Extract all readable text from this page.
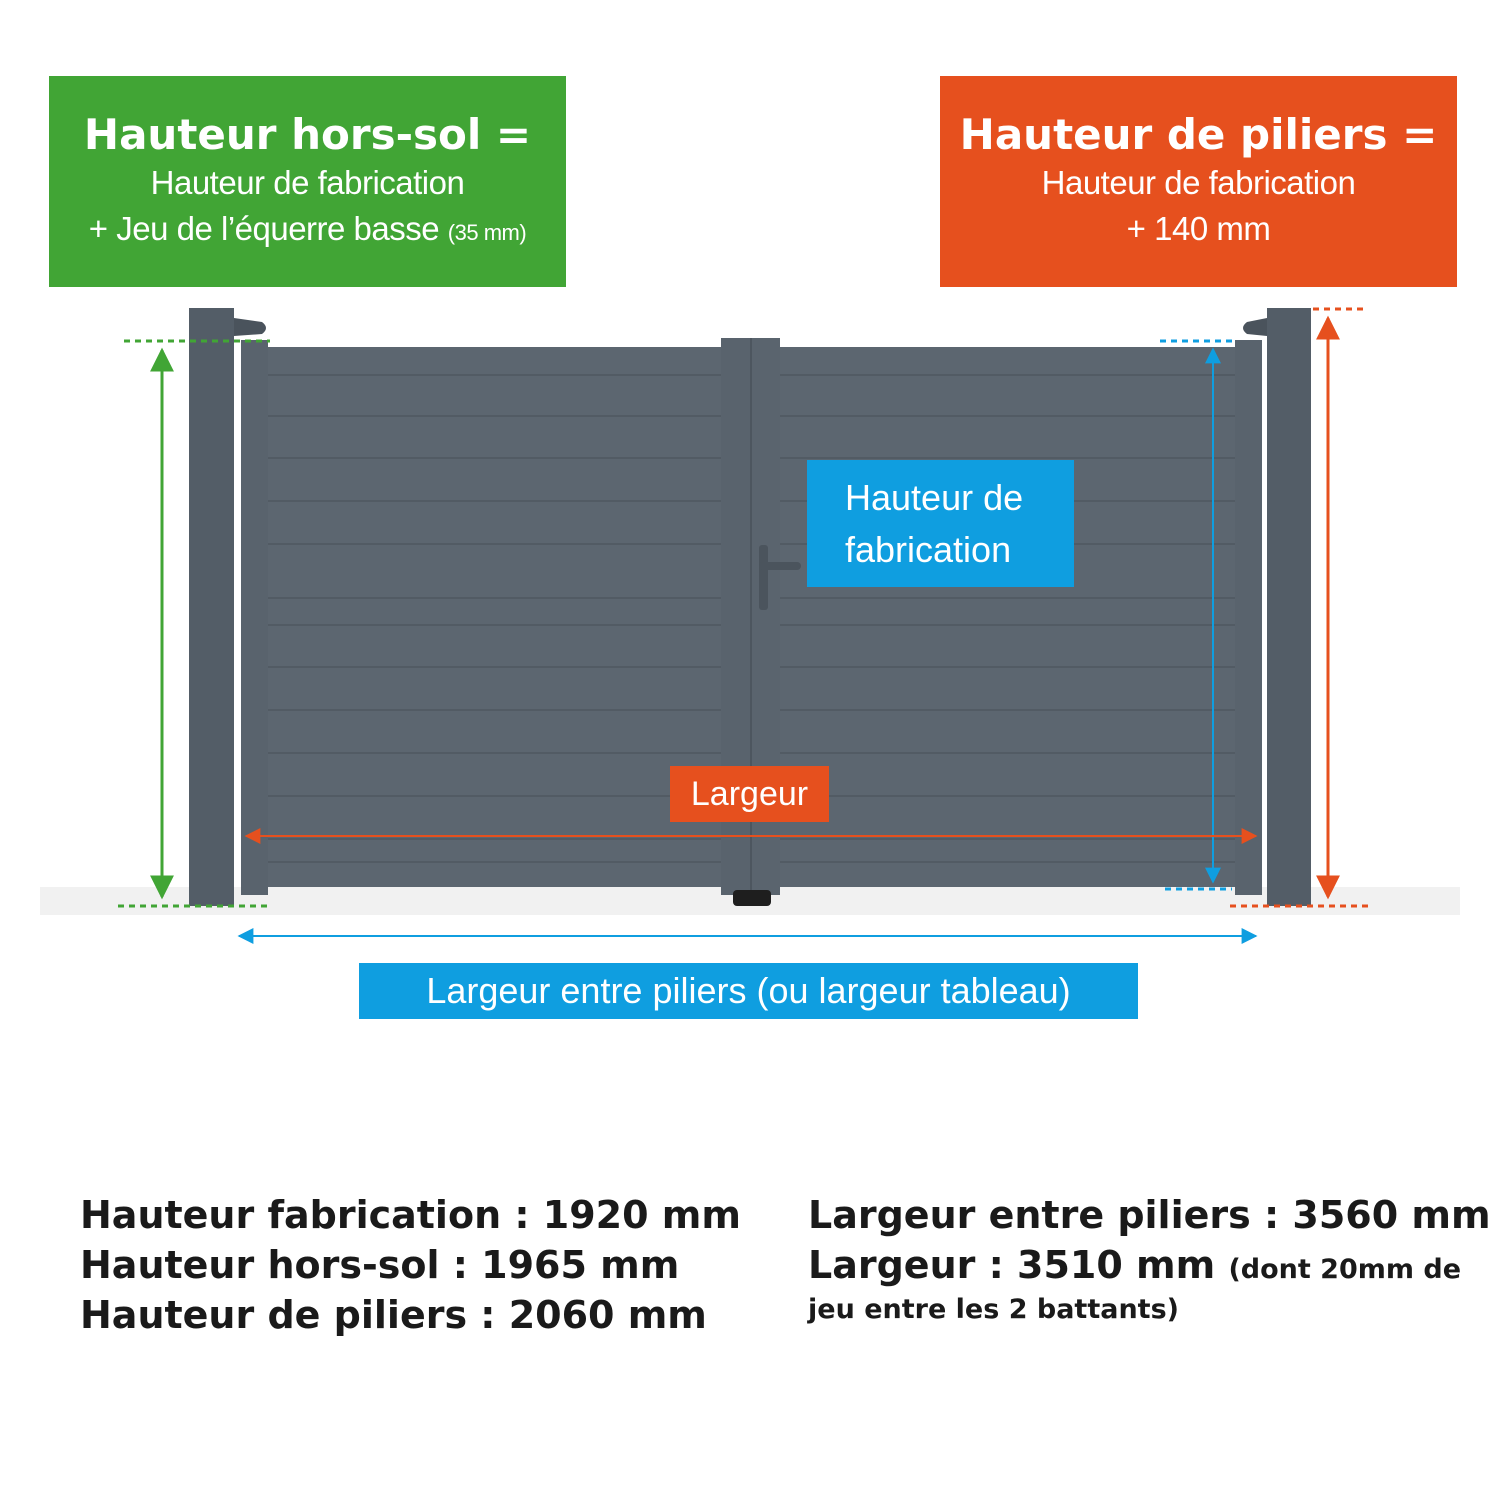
Hauteur hors-sol =
Hauteur de fabrication
+ Jeu de l’équerre basse (35 mm)
Hauteur de piliers =
Hauteur de fabrication
+ 140 mm
Hauteur de
fabrication
Largeur
Largeur entre piliers (ou largeur tableau)
Hauteur fabrication : 1920 mm
Hauteur hors-sol : 1965 mm
Hauteur de piliers : 2060 mm
Largeur entre piliers : 3560 mm
Largeur : 3510 mm (dont 20mm de
jeu entre les 2 battants)
